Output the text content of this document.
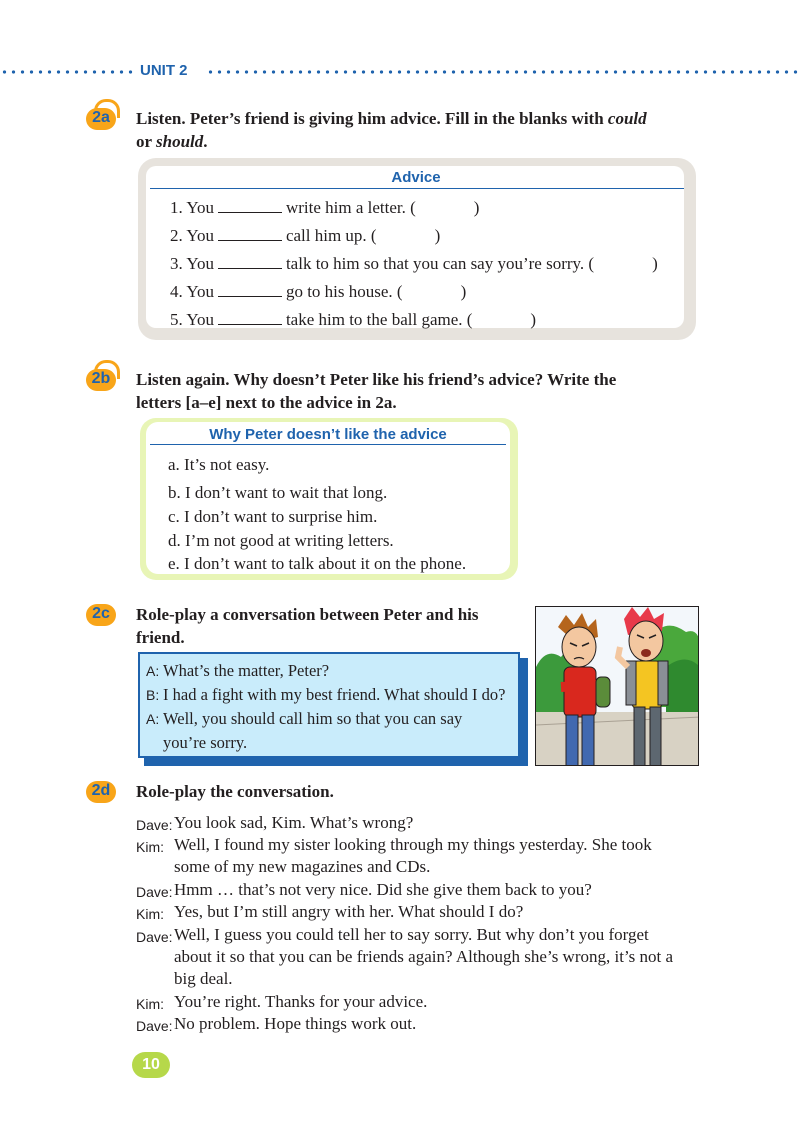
UNIT 2
2a	Listen. Peter’s friend is giving him advice. Fill in the blanks with could
or should.
Advice
1. You	write him a letter. (	)
2. You	call him up. (	)
3. You	talk to him so that you can say you’re sorry. (	)
4. You	go to his house. (	)
5. You	take him to the ball game. (	)
2b	Listen again. Why doesn’t Peter like his friend’s advice? Write the
letters [a–e] next to the advice in 2a.
Why Peter doesn’t like the advice
a. It’s not easy.
b. I don’t want to wait that long.
c. I don’t want to surprise him.
d. I’m not good at writing letters.
e. I don’t want to talk about it on the phone.
2c	Role-play a conversation between Peter and his
friend.
A: What’s the matter, Peter?
B: I had a fight with my best friend. What should I do?
A: Well, you should call him so that you can say
you’re sorry.
2d	Role-play the conversation.
Dave: You look sad, Kim. What’s wrong?
Kim: Well, I found my sister looking through my things yesterday. She took
some of my new magazines and CDs.
Dave: Hmm … that’s not very nice. Did she give them back to you?
Kim: Yes, but I’m still angry with her. What should I do?
Dave: Well, I guess you could tell her to say sorry. But why don’t you forget
about it so that you can be friends again? Although she’s wrong, it’s not a
big deal.
Kim: You’re right. Thanks for your advice.
Dave: No problem. Hope things work out.
10
